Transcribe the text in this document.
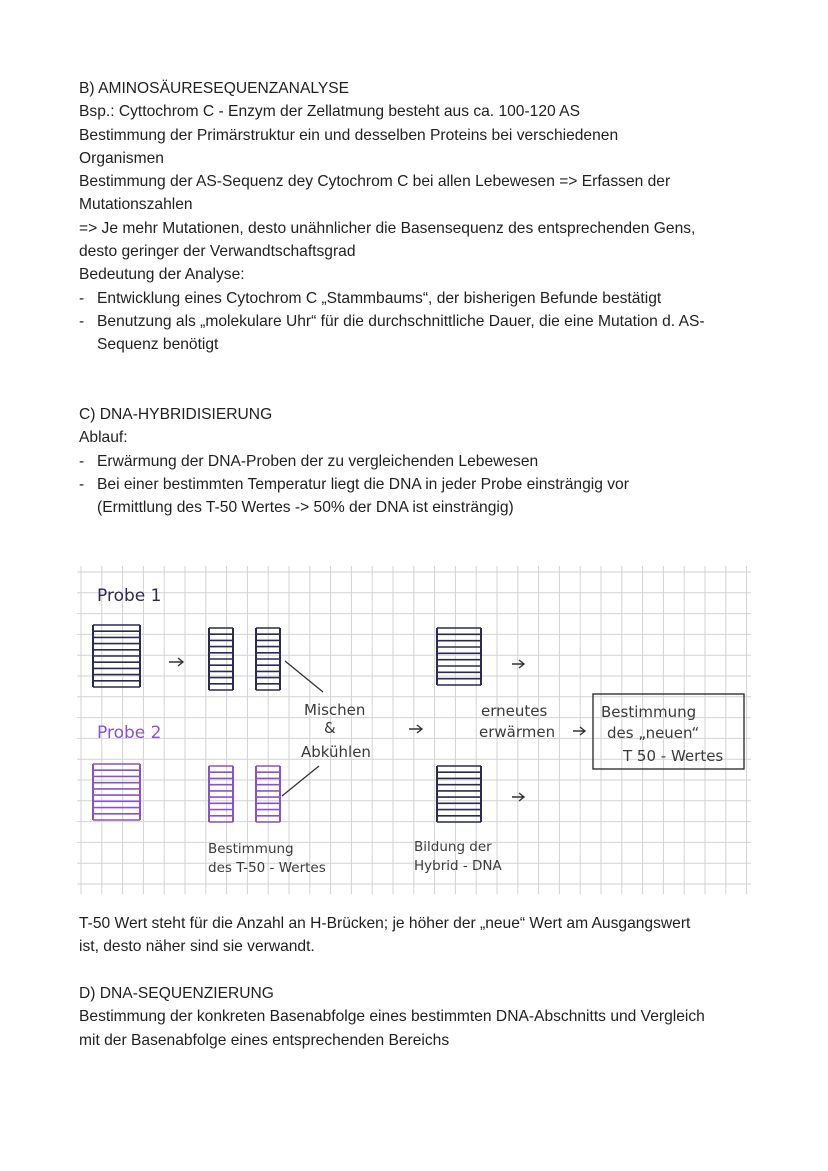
B) AMINOSÄURESEQUENZANALYSE

Bsp.: Cyttochrom C - Enzym der Zellatmung besteht aus ca. 100-120 AS

Bestimmung der Primärstruktur ein und desselben Proteins bei verschiedenen

Organismen

Bestimmung der AS-Sequenz dey Cytochrom C bei allen Lebewesen => Erfassen der

Mutationszahlen

=> Je mehr Mutationen, desto unähnlicher die Basensequenz des entsprechenden Gens,

desto geringer der Verwandtschaftsgrad

Bedeutung der Analyse:

- Entwicklung eines Cytochrom C „Stammbaums“, der bisherigen Befunde bestätigt

- Benutzung als „molekulare Uhr“ für die durchschnittliche Dauer, die eine Mutation d. AS-

Sequenz benötigt

C) DNA-HYBRIDISIERUNG

Ablauf:

- Erwärmung der DNA-Proben der zu vergleichenden Lebewesen

- Bei einer bestimmten Temperatur liegt die DNA in jeder Probe einsträngig vor

(Ermittlung des T-50 Wertes -> 50% der DNA ist einsträngig)

Probe 1
Probe 2
Mischen
&
Abkühlen
erneutes
erwärmen
Bestimmung
des „neuen“
T 50 - Wertes
Bestimmung
des T-50 - Wertes
Bildung der
Hybrid - DNA

T-50 Wert steht für die Anzahl an H-Brücken; je höher der „neue“ Wert am Ausgangswert

ist, desto näher sind sie verwandt.

D) DNA-SEQUENZIERUNG

Bestimmung der konkreten Basenabfolge eines bestimmten DNA-Abschnitts und Vergleich

mit der Basenabfolge eines entsprechenden Bereichs
